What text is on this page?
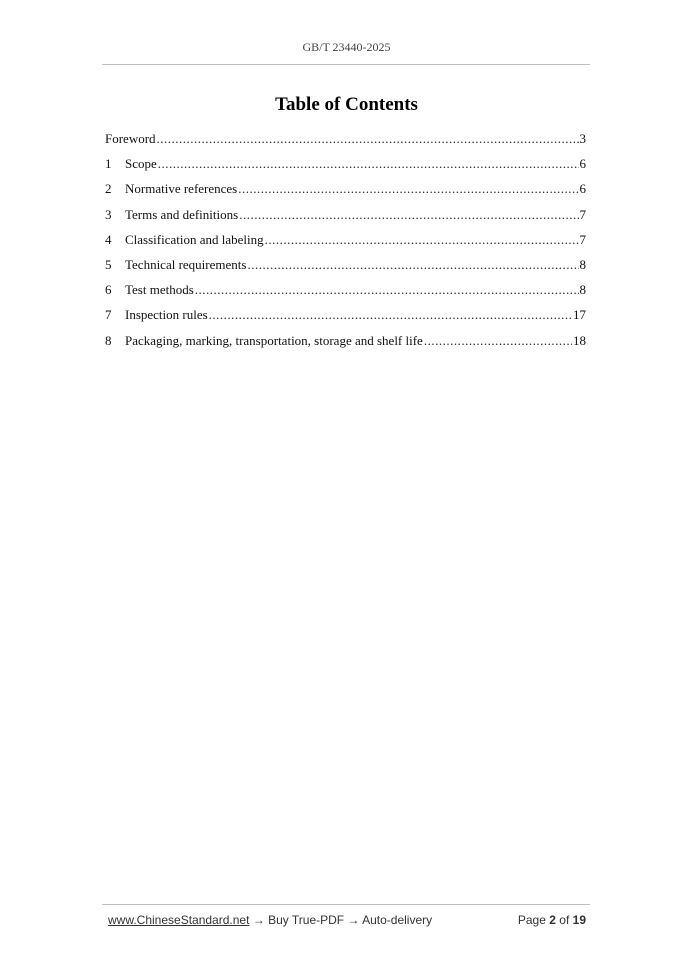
GB/T 23440-2025
Table of Contents
Foreword .....	3
1	Scope .....	6
2	Normative references .....	6
3	Terms and definitions .....	7
4	Classification and labeling .....	7
5	Technical requirements .....	8
6	Test methods .....	8
7	Inspection rules .....	17
8	Packaging, marking, transportation, storage and shelf life .....	18
www.ChineseStandard.net → Buy True-PDF → Auto-delivery	Page 2 of 19
